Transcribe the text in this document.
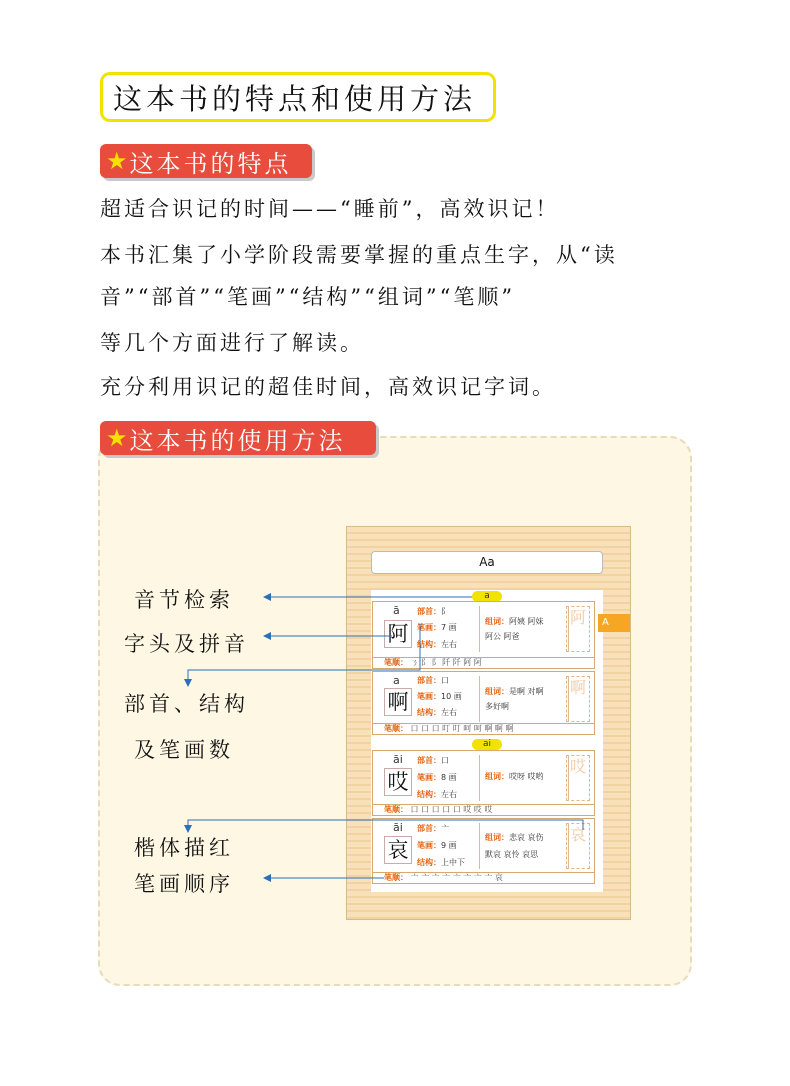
这本书的特点和使用方法
★ 这本书的特点
超适合识记的时间——“睡前”，高效识记！
本书汇集了小学阶段需要掌握的重点生字，从“读
音”“部首”“笔画”“结构”“组词”“笔顺”
等几个方面进行了解读。
充分利用识记的超佳时间，高效识记字词。
★ 这本书的使用方法
音节检索
字头及拼音
部首、结构
及笔画数
楷体描红
笔画顺序
Aa
A
a
ai
ā
阿
部首：阝
笔画：7 画
结构：左右
组词：阿姨 阿妹
阿公 阿爸
阿
笔顺： ㄋ 阝 阝 阡 阡 阿 阿
a
啊
部首：口
笔画：10 画
结构：左右
组词：是啊 对啊
多好啊
啊
笔顺： 口 口 口 叮 叮 呵 呵 啊 啊 啊
āi
哎
部首：口
笔画：8 画
结构：左右
组词：哎呀 哎哟
哎
笔顺： 口 口 口 口 口 哎 哎 哎
āi
哀
部首：亠
笔画：9 画
结构：上中下
组词：悲哀 哀伤
默哀 哀怜 哀思
哀
笔顺： 亠 亠 亠 亠 亠 亠 亠 亠 哀
